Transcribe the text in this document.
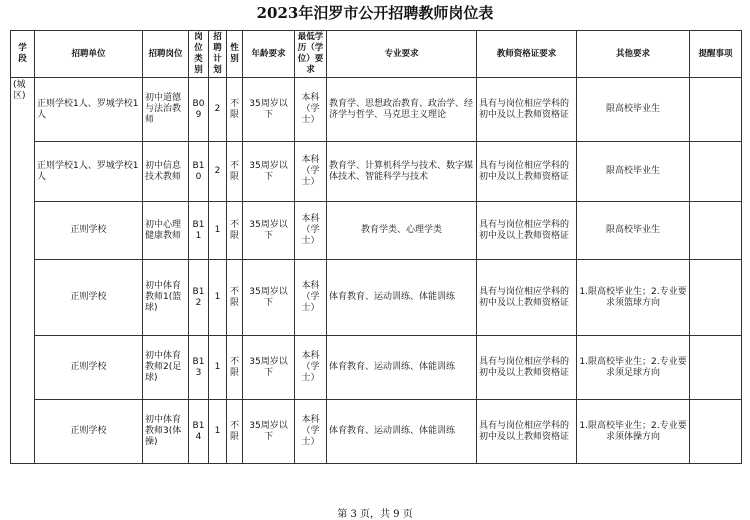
2023年汨罗市公开招聘教师岗位表
学段	招聘单位	招聘岗位	岗位类别	招聘计划	性别	年龄要求	最低学历（学位）要求	专业要求	教师资格证要求	其他要求	提醒事项
(城区)	正则学校1人、罗城学校1人	初中道德与法治教师	B09	2	不限	35周岁以下	本科（学士）	教育学、思想政治教育、政治学、经济学与哲学、马克思主义理论	具有与岗位相应学科的初中及以上教师资格证	限高校毕业生	
	正则学校1人、罗城学校1人	初中信息技术教师	B10	2	不限	35周岁以下	本科（学士）	教育学、计算机科学与技术、数字媒体技术、智能科学与技术	具有与岗位相应学科的初中及以上教师资格证	限高校毕业生	
	正则学校	初中心理健康教师	B11	1	不限	35周岁以下	本科（学士）	教育学类、心理学类	具有与岗位相应学科的初中及以上教师资格证	限高校毕业生	
	正则学校	初中体育教师1(篮球)	B12	1	不限	35周岁以下	本科（学士）	体育教育、运动训练、体能训练	具有与岗位相应学科的初中及以上教师资格证	1.限高校毕业生；2.专业要求须篮球方向	
	正则学校	初中体育教师2(足球)	B13	1	不限	35周岁以下	本科（学士）	体育教育、运动训练、体能训练	具有与岗位相应学科的初中及以上教师资格证	1.限高校毕业生；2.专业要求须足球方向	
	正则学校	初中体育教师3(体操)	B14	1	不限	35周岁以下	本科（学士）	体育教育、运动训练、体能训练	具有与岗位相应学科的初中及以上教师资格证	1.限高校毕业生；2.专业要求须体操方向	
第 3 页，共 9 页
